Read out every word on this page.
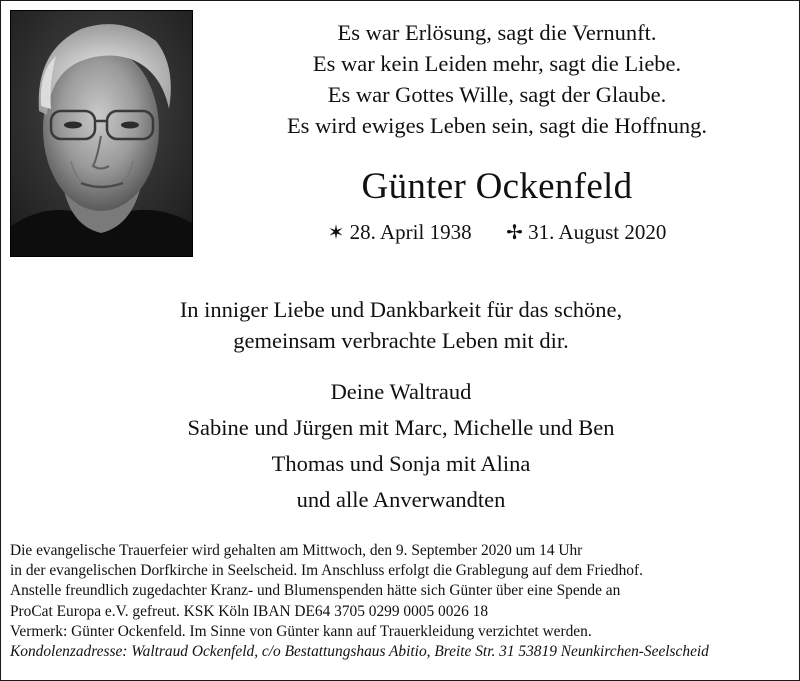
Es war Erlösung, sagt die Vernunft.
Es war kein Leiden mehr, sagt die Liebe.
Es war Gottes Wille, sagt der Glaube.
Es wird ewiges Leben sein, sagt die Hoffnung.
Günter Ockenfeld
✶ 28. April 1938 ✢ 31. August 2020
In inniger Liebe und Dankbarkeit für das schöne,
gemeinsam verbrachte Leben mit dir.
Deine Waltraud
Sabine und Jürgen mit Marc, Michelle und Ben
Thomas und Sonja mit Alina
und alle Anverwandten
Die evangelische Trauerfeier wird gehalten am Mittwoch, den 9. September 2020 um 14 Uhr
in der evangelischen Dorfkirche in Seelscheid. Im Anschluss erfolgt die Grablegung auf dem Friedhof.
Anstelle freundlich zugedachter Kranz- und Blumenspenden hätte sich Günter über eine Spende an
ProCat Europa e.V. gefreut. KSK Köln IBAN DE64 3705 0299 0005 0026 18
Vermerk: Günter Ockenfeld. Im Sinne von Günter kann auf Trauerkleidung verzichtet werden.
Kondolenzadresse: Waltraud Ockenfeld, c/o Bestattungshaus Abitio, Breite Str. 31 53819 Neunkirchen-Seelscheid
